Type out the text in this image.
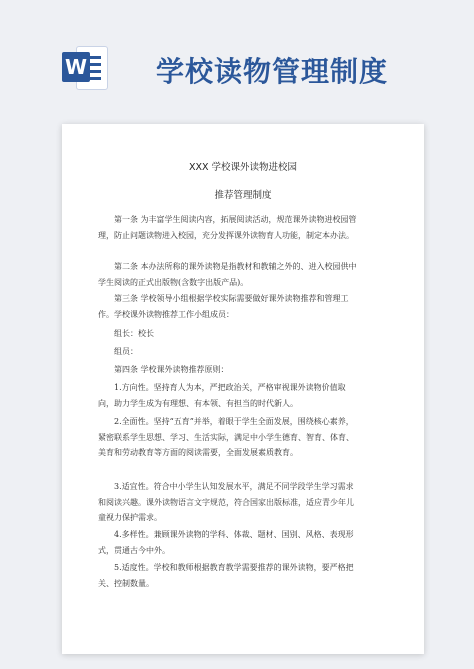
W 学校读物管理制度
XXX 学校课外读物进校园
推荐管理制度

第一条 为丰富学生阅读内容，拓展阅读活动，规范课外读物进校园管理，防止问题读物进入校园，充分发挥课外读物育人功能，制定本办法。

第二条 本办法所称的课外读物是指教材和教辅之外的、进入校园供中学生阅读的正式出版物(含数字出版产品)。

第三条 学校领导小组根据学校实际需要做好课外读物推荐和管理工作。 学校课外读物推荐工作小组成员：

组长：校长

组员：

第四条 学校课外读物推荐原则：

1.方向性。坚持育人为本，严把政治关，严格审视课外读物价值取向，助力学生成为有理想、有本领、有担当的时代新人。

2.全面性。坚持“五育”并举，着眼于学生全面发展，围绕核心素养，紧密联系学生思想、学习、生活实际，满足中小学生德育、智育、体育、美育和劳动教育等方面的阅读需要，全面发展素质教育。

3.适宜性。符合中小学生认知发展水平，满足不同学段学生学习需求和阅读兴趣。课外读物语言文字规范，符合国家出版标准，适应青少年儿童视力保护需求。

4.多样性。兼顾课外读物的学科、体裁、题材、国别、风格、表现形式，贯通古今中外。

5.适度性。学校和教师根据教育教学需要推荐的课外读物，要严格把关、控制数量。
